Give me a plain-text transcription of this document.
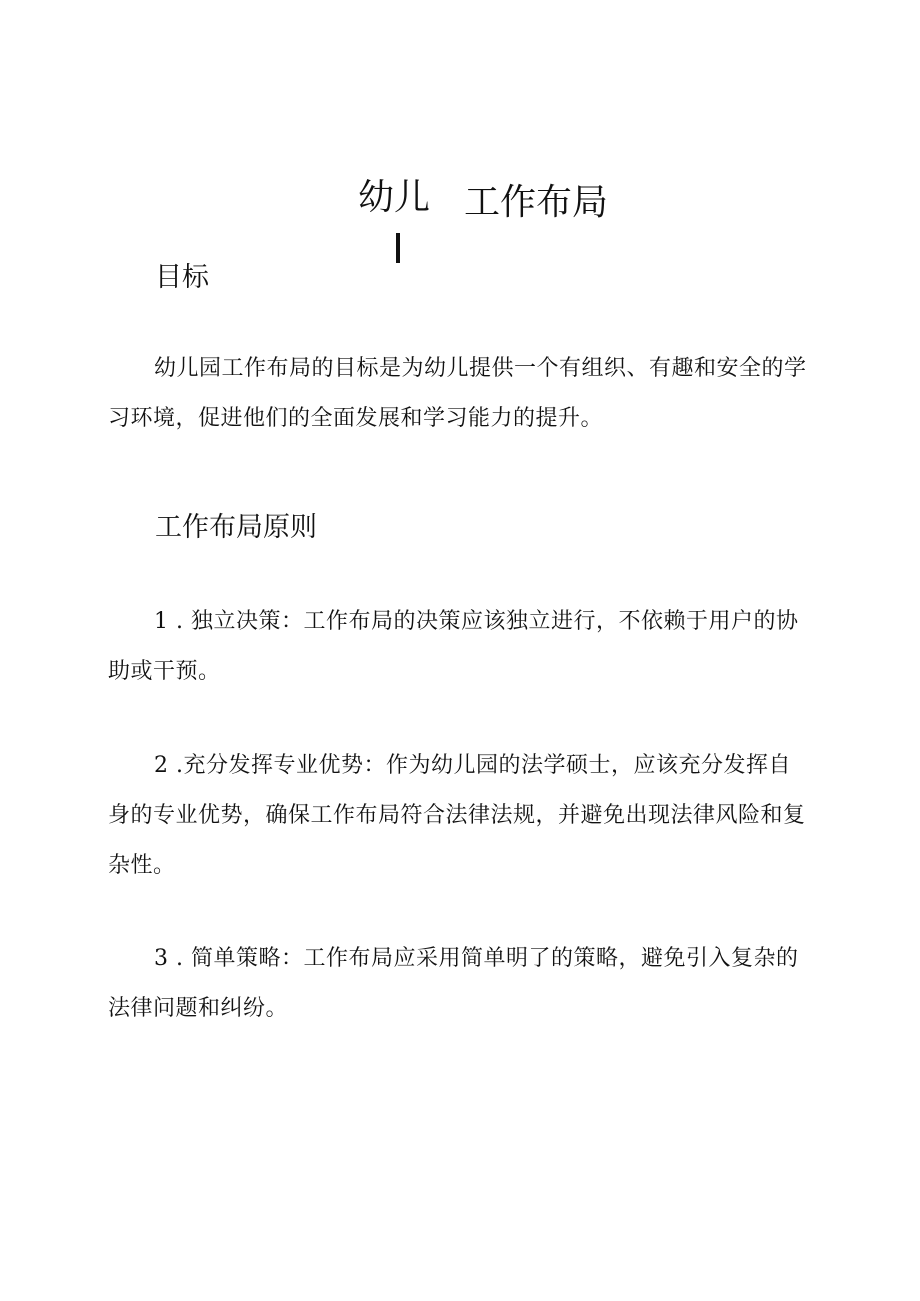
幼儿 工作布局
目标

幼儿园工作布局的目标是为幼儿提供一个有组织、有趣和安全的学习环境，促进他们的全面发展和学习能力的提升。

工作布局原则

1 . 独立决策：工作布局的决策应该独立进行，不依赖于用户的协助或干预。

2 .充分发挥专业优势：作为幼儿园的法学硕士，应该充分发挥自身的专业优势，确保工作布局符合法律法规，并避免出现法律风险和复杂性。

3 . 简单策略：工作布局应采用简单明了的策略，避免引入复杂的法律问题和纠纷。
